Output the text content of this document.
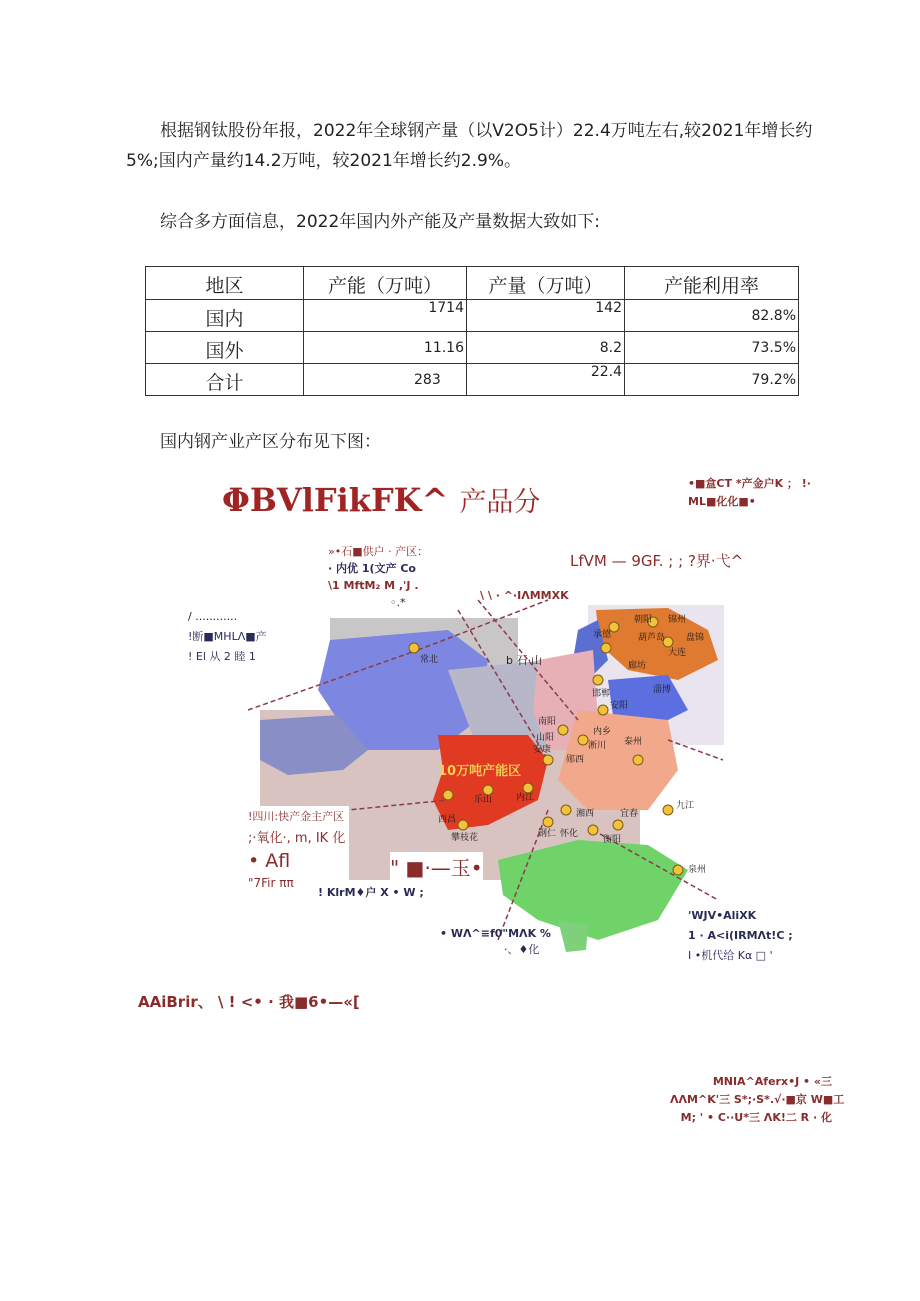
根据钢钛股份年报，2022年全球钢产量（以V2O5计）22.4万吨左右,较2021年增长约5%;国内产量约14.2万吨，较2021年增长约2.9%。
综合多方面信息，2022年国内外产能及产量数据大致如下:
地区	产能（万吨）	产量（万吨）	产能利用率
国内	1714	142	82.8%
国外	11.16	8.2	73.5%
合计	283	22.4	79.2%
国内钢产业产区分布见下图：
ΦBVlFikFK^ 产品分
•■盒CT *产金户K ； !·
ML■化化■•
»•石■供户 · 产区：
· 内优 1(文产 Co
\1 MftM₂ M ,'J .
◦.*
LfVM — 9GF. ; ; ?界·弋^
\ \ · ^·IΛMMXK
/ ............
!断■MHLΛ■产
! El 从 2 睦 1
10万吨产能区
朝阳 锦州
承德	葫芦岛 盘锦
大连
廊坊
邯郸
安阳
淄博
南阳
山阳
内乡
安康	淅川
郧西
泰州
攀枝花
西昌
乐山	内江
湘西
钢仁 怀化
宜春
衡阳
泉州
九江
常北	b 石·山
!四川:快产金主产区
;·氧化·, m, IK 化
• Afl
"7Fir ππ
" ■·—玉•
! KlrM♦户 X • W ;
'WJV•AliXK
1 · A<i(IRMΛt!C ;
I •机代给 Kα □ '
• WΛ^≡f0"MΛK %
·、♦化
AAiBrir、 \ ! <• · 我■6•—«[
MNIA^Aferx•J • «三
ΛΛM^K'三 S*;·S*.√·■京 W■工
M; ' • C··U*三 ΛK!二 R · 化
